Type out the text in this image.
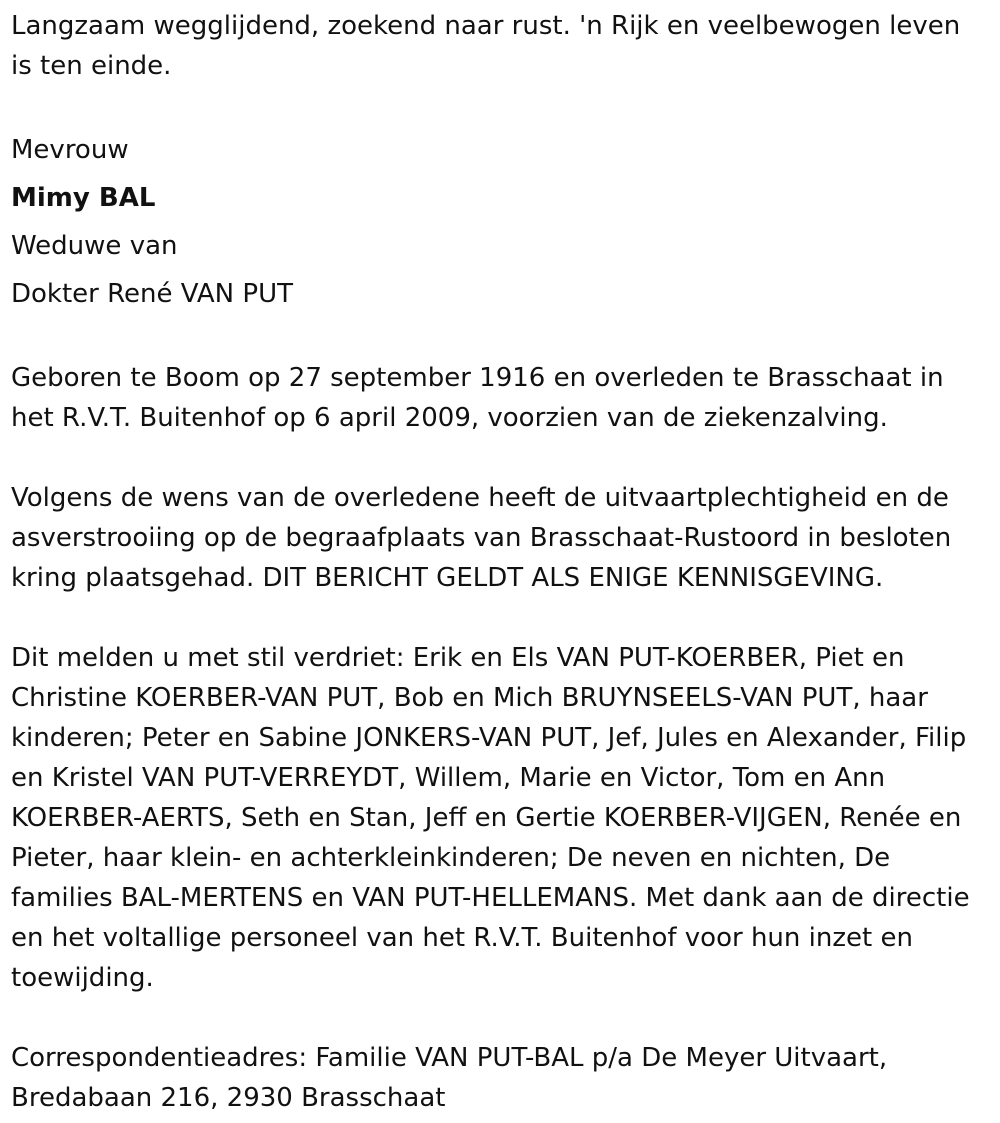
Langzaam wegglijdend, zoekend naar rust. 'n Rijk en veelbewogen leven is ten einde.

Mevrouw

Mimy BAL

Weduwe van

Dokter René VAN PUT

Geboren te Boom op 27 september 1916 en overleden te Brasschaat in het R.V.T. Buitenhof op 6 april 2009, voorzien van de ziekenzalving.

Volgens de wens van de overledene heeft de uitvaartplechtigheid en de asverstrooiing op de begraafplaats van Brasschaat-Rustoord in besloten kring plaatsgehad. DIT BERICHT GELDT ALS ENIGE KENNISGEVING.

Dit melden u met stil verdriet: Erik en Els VAN PUT-KOERBER, Piet en Christine KOERBER-VAN PUT, Bob en Mich BRUYNSEELS-VAN PUT, haar kinderen; Peter en Sabine JONKERS-VAN PUT, Jef, Jules en Alexander, Filip en Kristel VAN PUT-VERREYDT, Willem, Marie en Victor, Tom en Ann KOERBER-AERTS, Seth en Stan, Jeff en Gertie KOERBER-VIJGEN, Renée en Pieter, haar klein- en achterkleinkinderen; De neven en nichten, De families BAL-MERTENS en VAN PUT-HELLEMANS. Met dank aan de directie en het voltallige personeel van het R.V.T. Buitenhof voor hun inzet en toewijding.

Correspondentieadres: Familie VAN PUT-BAL p/a De Meyer Uitvaart, Bredabaan 216, 2930 Brasschaat
